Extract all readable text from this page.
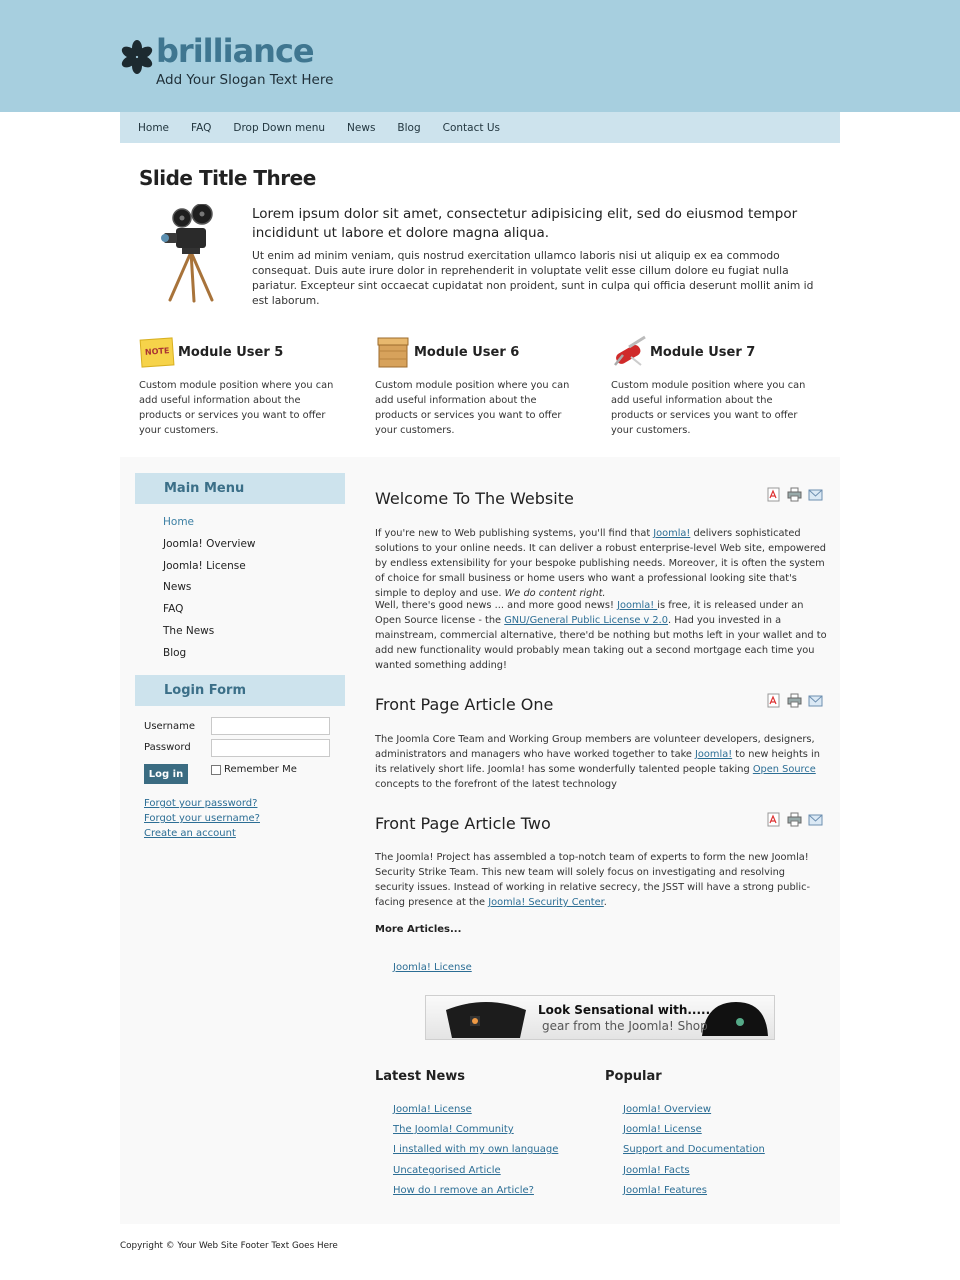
brilliance
Add Your Slogan Text Here
Home FAQ Drop Down menu News Blog Contact Us
Slide Title Three
Lorem ipsum dolor sit amet, consectetur adipisicing elit, sed do eiusmod tempor incididunt ut labore et dolore magna aliqua.
Ut enim ad minim veniam, quis nostrud exercitation ullamco laboris nisi ut aliquip ex ea commodo consequat. Duis aute irure dolor in reprehenderit in voluptate velit esse cillum dolore eu fugiat nulla pariatur. Excepteur sint occaecat cupidatat non proident, sunt in culpa qui officia deserunt mollit anim id est laborum.
NOTE Module User 5
Custom module position where you can add useful information about the products or services you want to offer your customers.
Module User 6
Custom module position where you can add useful information about the products or services you want to offer your customers.
Module User 7
Custom module position where you can add useful information about the products or services you want to offer your customers.
Main Menu
Home
Joomla! Overview
Joomla! License
News
FAQ
The News
Blog
Login Form
Username
Password
Log in	Remember Me
Forgot your password?
Forgot your username?
Create an account
Welcome To The Website
If you're new to Web publishing systems, you'll find that Joomla! delivers sophisticated solutions to your online needs. It can deliver a robust enterprise-level Web site, empowered by endless extensibility for your bespoke publishing needs. Moreover, it is often the system of choice for small business or home users who want a professional looking site that's simple to deploy and use. We do content right.
Well, there's good news ... and more good news! Joomla! is free, it is released under an Open Source license - the GNU/General Public License v 2.0. Had you invested in a mainstream, commercial alternative, there'd be nothing but moths left in your wallet and to add new functionality would probably mean taking out a second mortgage each time you wanted something adding!
Front Page Article One
The Joomla Core Team and Working Group members are volunteer developers, designers, administrators and managers who have worked together to take Joomla! to new heights in its relatively short life. Joomla! has some wonderfully talented people taking Open Source concepts to the forefront of the latest technology
Front Page Article Two
The Joomla! Project has assembled a top-notch team of experts to form the new Joomla! Security Strike Team. This new team will solely focus on investigating and resolving security issues. Instead of working in relative secrecy, the JSST will have a strong public-facing presence at the Joomla! Security Center.
More Articles...
Joomla! License
Look Sensational with.....
gear from the Joomla! Shop
Latest News
Joomla! License
The Joomla! Community
I installed with my own language
Uncategorised Article
How do I remove an Article?
Popular
Joomla! Overview
Joomla! License
Support and Documentation
Joomla! Facts
Joomla! Features
Copyright © Your Web Site Footer Text Goes Here
